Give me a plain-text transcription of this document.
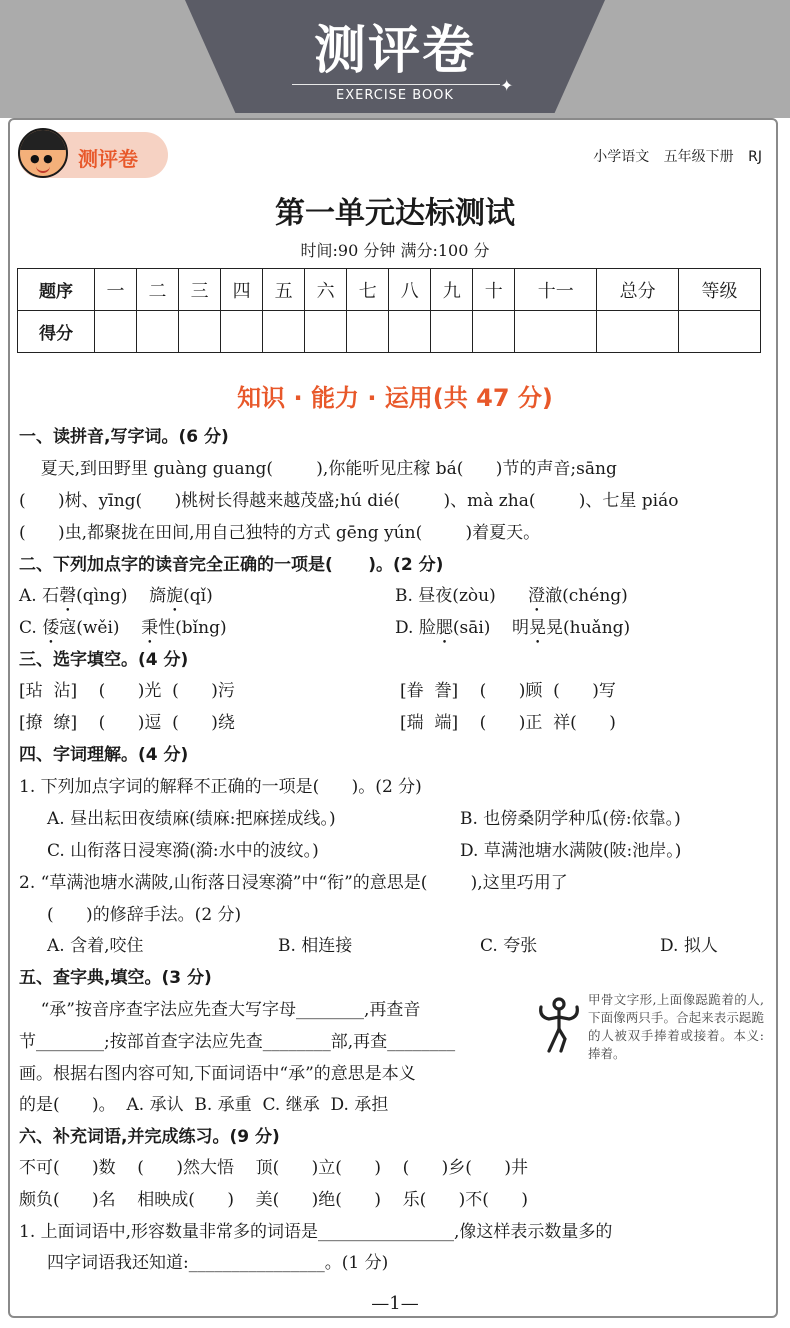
测评卷
✦
EXERCISE BOOK
● ● 测评卷	小学语文 五年级下册 RJ
第一单元达标测试
时间:90 分钟 满分:100 分
题序	一	二	三	四	五	六	七	八	九	十	十一	总分	等级
得分													
知识 · 能力 · 运用(共 47 分)
一、读拼音,写字词。(6 分)
夏天,到田野里 guàng guang(        ),你能听见庄稼 bá(      )节的声音;sāng
(      )树、yīng(      )桃树长得越来越茂盛;hú dié(        )、mà zha(        )、七星 piáo
(      )虫,都聚拢在田间,用自己独特的方式 gēng yún(        )着夏天。
二、下列加点字的读音完全正确的一项是(      )。(2 分)
A. 石磬(qìng) 旖旎(qǐ)	B. 昼夜(zòu) 澄澈(chéng)
C. 倭寇(wěi) 秉性(bǐng)	D. 脸腮(sāi) 明晃晃(huǎng)
三、选字填空。(4 分)
[玷  沾]    (      )光  (      )污	[眷  誊]    (      )顾  (      )写
[撩  缭]    (      )逗  (      )绕	[瑞  端]    (      )正  祥(      )
四、字词理解。(4 分)
1. 下列加点字词的解释不正确的一项是(      )。(2 分)
A. 昼出耘田夜绩麻(绩麻:把麻搓成线。)	B. 也傍桑阴学种瓜(傍:依靠。)
C. 山衔落日浸寒漪(漪:水中的波纹。)	D. 草满池塘水满陂(陂:池岸。)
2. “草满池塘水满陂,山衔落日浸寒漪”中“衔”的意思是(        ),这里巧用了
(      )的修辞手法。(2 分)
A. 含着,咬住	B. 相连接	C. 夸张	D. 拟人
五、查字典,填空。(3 分)
“承”按音序查字法应先查大写字母________,再查音
节________;按部首查字法应先查________部,再查________
画。根据右图内容可知,下面词语中“承”的意思是本义
的是(      )。  A. 承认  B. 承重  C. 继承  D. 承担
甲骨文字形,上面像跽跪着的人,下面像两只手。合起来表示跽跪的人被双手捧着或接着。本义:捧着。
六、补充词语,并完成练习。(9 分)
不可(      )数    (      )然大悟    顶(      )立(      )    (      )乡(      )井
颇负(      )名    相映成(      )    美(      )绝(      )    乐(      )不(      )
1. 上面词语中,形容数量非常多的词语是________________,像这样表示数量多的
四字词语我还知道:________________。(1 分)
—1—
